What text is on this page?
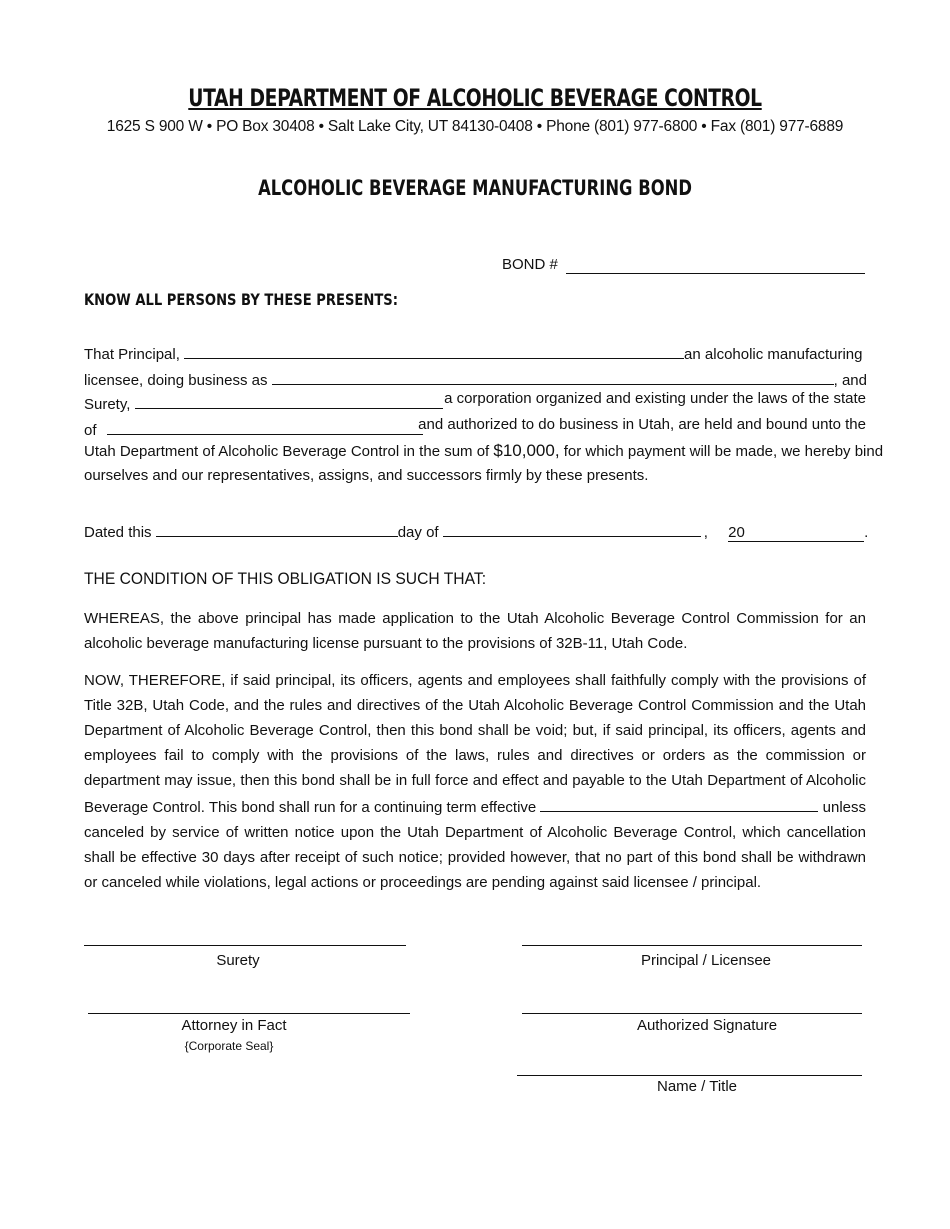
UTAH DEPARTMENT OF ALCOHOLIC BEVERAGE CONTROL
1625 S 900 W • PO Box 30408 • Salt Lake City, UT 84130-0408 • Phone (801) 977-6800 • Fax (801) 977-6889
ALCOHOLIC BEVERAGE MANUFACTURING BOND
BOND #
KNOW ALL PERSONS BY THESE PRESENTS:
That Principal,	an alcoholic manufacturing
licensee, doing business as	, and
Surety,	a corporation organized and existing under the laws of the state
of	and authorized to do business in Utah, are held and bound unto the
Utah Department of Alcoholic Beverage Control in the sum of $10,000, for which payment will be made, we hereby bind
ourselves and our representatives, assigns, and successors firmly by these presents.
Dated this	day of	, 20	.
THE CONDITION OF THIS OBLIGATION IS SUCH THAT:
WHEREAS, the above principal has made application to the Utah Alcoholic Beverage Control Commission for an alcoholic beverage manufacturing license pursuant to the provisions of 32B-11, Utah Code.
NOW, THEREFORE, if said principal, its officers, agents and employees shall faithfully comply with the provisions of Title 32B, Utah Code, and the rules and directives of the Utah Alcoholic Beverage Control Commission and the Utah Department of Alcoholic Beverage Control, then this bond shall be void; but, if said principal, its officers, agents and employees fail to comply with the provisions of the laws, rules and directives or orders as the commission or department may issue, then this bond shall be in full force and effect and payable to the Utah Department of Alcoholic Beverage Control. This bond shall run for a continuing term effective	unless canceled by service of written notice upon the Utah Department of Alcoholic Beverage Control, which cancellation shall be effective 30 days after receipt of such notice; provided however, that no part of this bond shall be withdrawn or canceled while violations, legal actions or proceedings are pending against said licensee / principal.
Surety	Principal / Licensee
Attorney in Fact
{Corporate Seal}
Authorized Signature
Name / Title
